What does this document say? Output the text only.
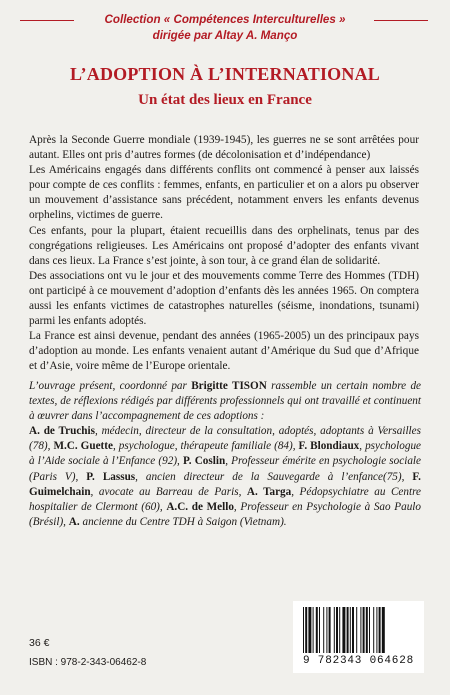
Collection « Compétences Interculturelles »
dirigée par Altay A. Manço
L’ADOPTION À L’INTERNATIONAL
Un état des lieux en France

Après la Seconde Guerre mondiale (1939-1945), les guerres ne se sont arrêtées pour autant. Elles ont pris d’autres formes (de décolonisation et d’indépendance)

Les Américains engagés dans différents conflits ont commencé à penser aux laissés pour compte de ces conflits : femmes, enfants, en particulier et on a alors pu observer un mouvement d’assistance sans précédent, notamment envers les enfants devenus orphelins, victimes de guerre.

Ces enfants, pour la plupart, étaient recueillis dans des orphelinats, tenus par des congrégations religieuses. Les Américains ont proposé d’adopter des enfants vivant dans ces lieux. La France s’est jointe, à son tour, à ce grand élan de solidarité.

Des associations ont vu le jour et des mouvements comme Terre des Hommes (TDH) ont participé à ce mouvement d’adoption d’enfants dès les années 1965. On comptera aussi les enfants victimes de catastrophes naturelles (séisme, inondations, tsunami) parmi les enfants adoptés.

La France est ainsi devenue, pendant des années (1965-2005) un des principaux pays d’adoption au monde. Les enfants venaient autant d’Amérique du Sud que d’Afrique et d’Asie, voire même de l’Europe orientale.

L’ouvrage présent, coordonné par Brigitte TISON rassemble un certain nombre de textes, de réflexions rédigés par différents professionnels qui ont travaillé et continuent à œuvrer dans l’accompagnement de ces adoptions :
A. de Truchis, médecin, directeur de la consultation, adoptés, adoptants à Versailles (78), M.C. Guette, psychologue, thérapeute familiale (84), F. Blondiaux, psychologue à l’Aide sociale à l’Enfance (92), P. Coslin, Professeur émérite en psychologie sociale (Paris V), P. Lassus, ancien directeur de la Sauvegarde à l’enfance(75), F. Guimelchain, avocate au Barreau de Paris, A. Targa, Pédopsychiatre au Centre hospitalier de Clermont (60), A.C. de Mello, Professeur en Psychologie à Sao Paulo (Brésil), A. ancienne du Centre TDH à Saigon (Vietnam).

36 €
ISBN : 978-2-343-06462-8	9 782343 064628
